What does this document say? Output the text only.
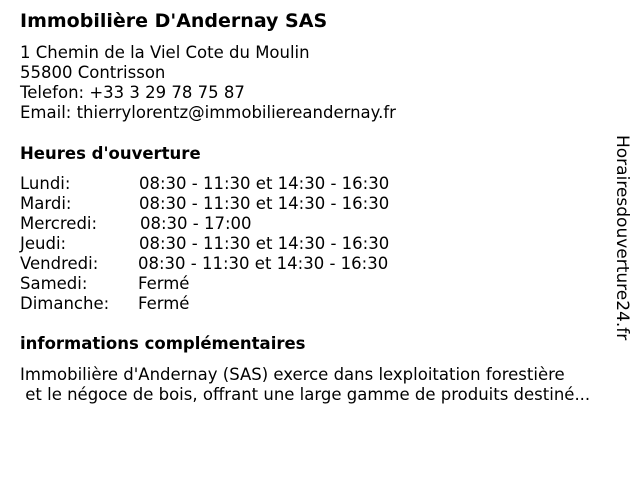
Immobilière D'Andernay SAS
1 Chemin de la Viel Cote du Moulin
55800 Contrisson
Telefon: +33 3 29 78 75 87
Email: thierrylorentz@immobiliereandernay.fr
Heures d'ouverture
Lundi:	08:30 - 11:30 et 14:30 - 16:30
Mardi:	08:30 - 11:30 et 14:30 - 16:30
Mercredi:	08:30 - 17:00
Jeudi:	08:30 - 11:30 et 14:30 - 16:30
Vendredi: 08:30 - 11:30 et 14:30 - 16:30
Samedi:	Fermé
Dimanche: Fermé
informations complémentaires
Immobilière d'Andernay (SAS) exerce dans lexploitation forestière
et le négoce de bois, offrant une large gamme de produits destiné...
Horairesdouverture24.fr
